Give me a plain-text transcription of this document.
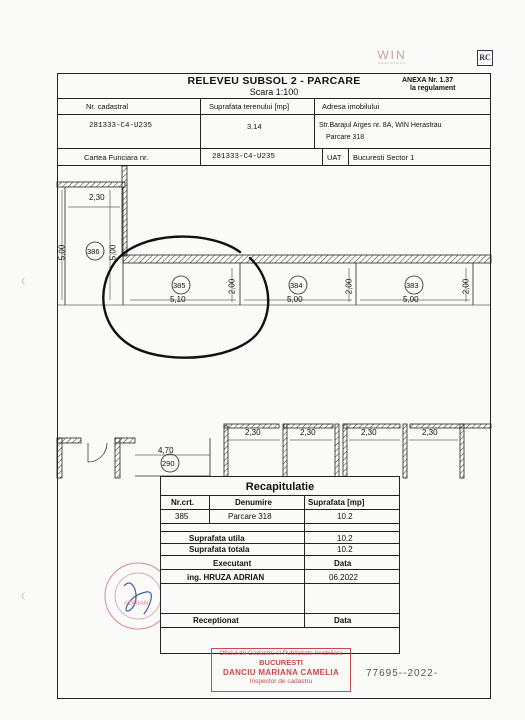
WIN
HERASTRAU
RC
RELEVEU SUBSOL 2 - PARCARE
Scara 1:100
ANEXA Nr. 1.37
la regulament
Nr. cadastral	Suprafata terenului [mp]	Adresa imobilului
281333-C4-U235	3.14	Str.Barajul Arges nr. 8A, WIN Herastrau
Parcare 318
Cartea Funciara nr.	281333-C4-U235	UAT Bucuresti Sector 1
2,30
5,00	5,00
386
385	384	383
2,00	2,00	2,00
5,10	5,00	5,00
4,70
290
2,30	2,30	2,30	2,30
Recapitulatie
Nr.crt.	Denumire	Suprafata [mp]
385	Parcare 318	10.2
Suprafata utila	10.2
Suprafata totala	10.2
Executant	Data
ing. HRUZA ADRIAN	06.2022
Receptionat	Data
ADRIAN
Oficiul de Cadastru si Publicitate Imobiliara
BUCURESTI
DANCIU MARIANA CAMELIA
Inspector de cadastru
77695--2022-
